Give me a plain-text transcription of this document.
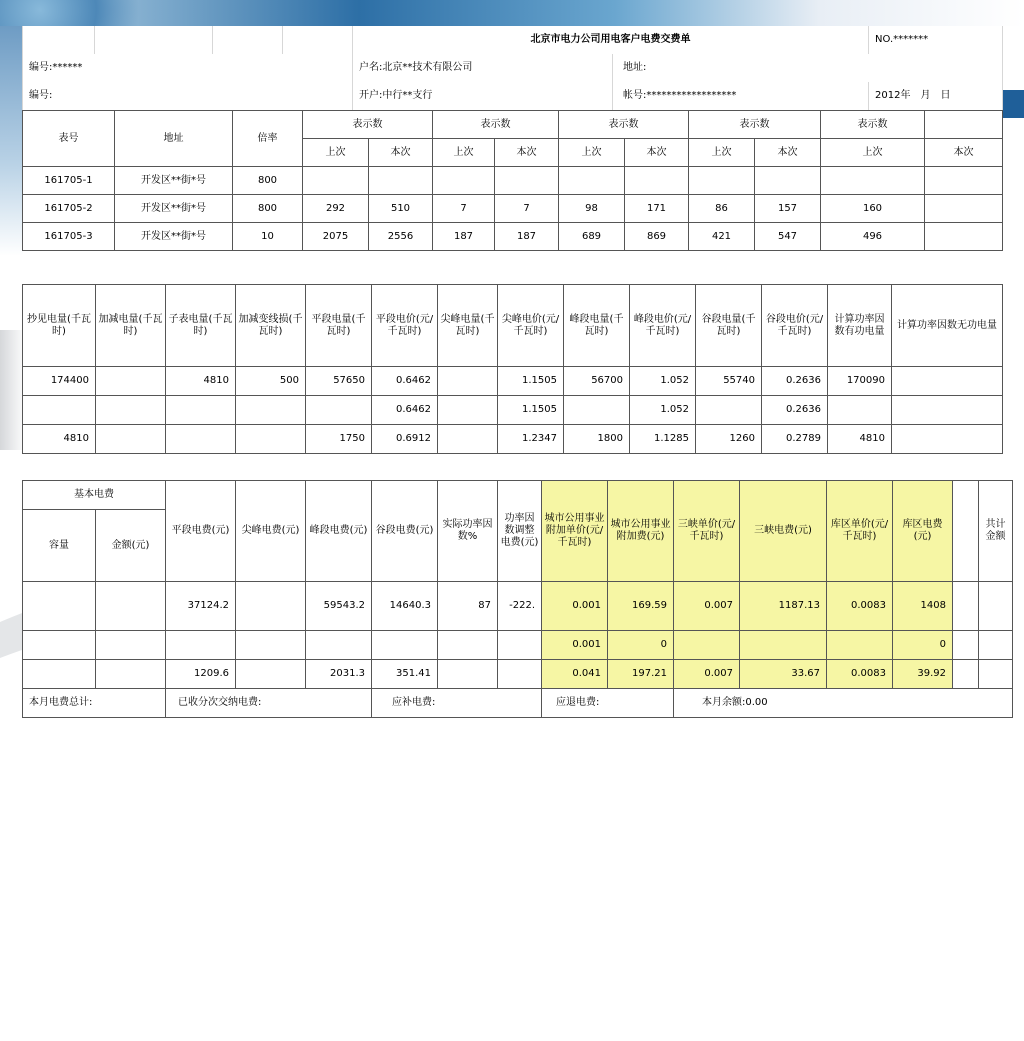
				北京市电力公司用电客户电费交费单		NO.*******
编号:******				户名:北京**技术有限公司	地址:	
编号:				开户:中行**支行	帐号:******************	2012年　月　日
表号	地址	倍率	表示数		表示数		表示数		表示数		表示数	
			上次	本次	上次	本次	上次	本次	上次	本次	上次	本次
161705-1	开发区**街*号	800										
161705-2	开发区**街*号	800	292	510	7	7	98	171	86	157	160	
161705-3	开发区**街*号	10	2075	2556	187	187	689	869	421	547	496	
抄见电量(千瓦时)	加减电量(千瓦时)	子表电量(千瓦时)	加减变线损(千瓦时)	平段电量(千瓦时)	平段电价(元/千瓦时)	尖峰电量(千瓦时)	尖峰电价(元/千瓦时)	峰段电量(千瓦时)	峰段电价(元/千瓦时)	谷段电量(千瓦时)	谷段电价(元/千瓦时)	计算功率因数有功电量	计算功率因数无功电量
174400		4810	500	57650	0.6462		1.1505	56700	1.052	55740	0.2636	170090	
					0.6462		1.1505		1.052		0.2636		
4810				1750	0.6912		1.2347	1800	1.1285	1260	0.2789	4810	
基本电费		平段电费(元)	尖峰电费(元)	峰段电费(元)	谷段电费(元)	实际功率因数%	功率因数调整电费(元)	城市公用事业附加单价(元/千瓦时)	城市公用事业附加费(元)	三峡单价(元/千瓦时)	三峡电费(元)	库区单价(元/千瓦时)	库区电费(元)		共计金额
容量	金额(元)														
		37124.2		59543.2	14640.3	87	-222.	0.001	169.59	0.007	1187.13	0.0083	1408		
								0.001	0				0		
		1209.6		2031.3	351.41			0.041	197.21	0.007	33.67	0.0083	39.92		
本月电费总计:		已收分次交纳电费:			应补电费:			应退电费:		本月余额:0.00					
